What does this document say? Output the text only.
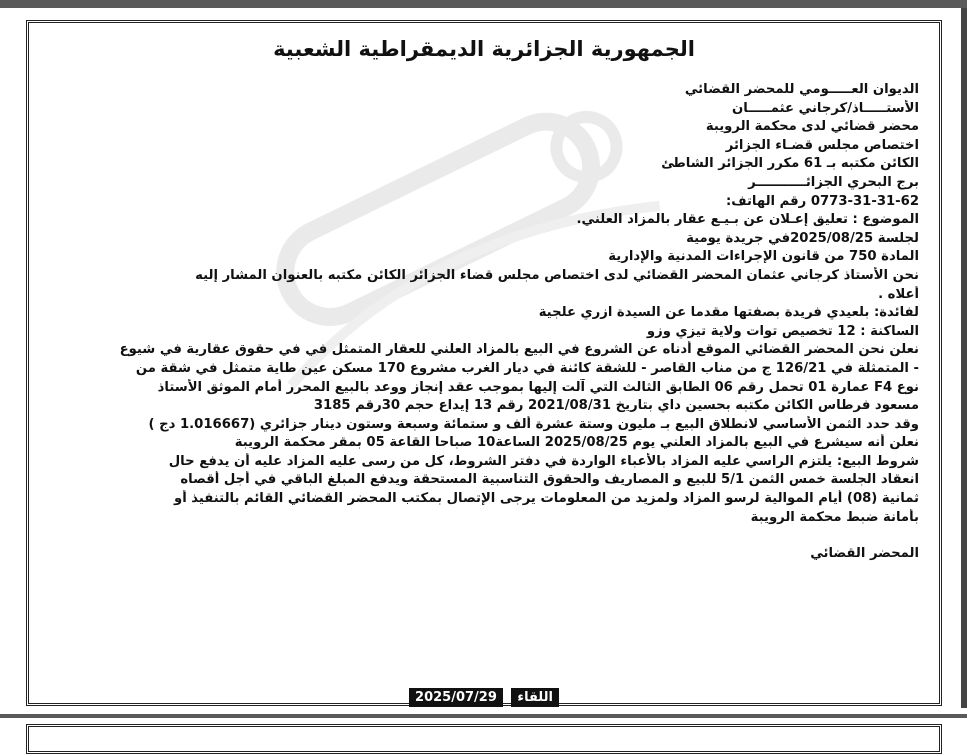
الجمهورية الجزائرية الديمقراطية الشعبية
الديوان العـــــومي للمحضر القضائي
الأستـــــاذ/كرجاني عثمـــــان
محضر قضائي لدى محكمة الرويبة
اختصاص مجلس قضـاء الجزائر
الكائن مكتبه بـ 61 مكرر الجزائر الشاطئ
برج البحري الجزائـــــــــــر
0773-31-31-62 رقم الهاتف:
الموضوع : تعليق إعـلان عن بـيـع عقار بالمزاد العلني.
لجلسة 2025/08/25في جريدة يومية
المادة 750 من قانون الإجراءات المدنية والإدارية
نحن الأستاذ كرجاني عثمان المحضر القضائي لدى اختصاص مجلس قضاء الجزائر الكائن مكتبه بالعنوان المشار إليه
أعلاه .
لفائدة: بلعيدي فريدة بصفتها مقدما عن السيدة ازري علجية
الساكنة : 12 تخصيص توات ولاية تيزي وزو
نعلن نحن المحضر القضائي الموقع أدناه عن الشروع في البيع بالمزاد العلني للعقار المتمثل في في حقوق عقارية في شيوع
- المتمثلة في 126/21 ج من مناب القاصر - للشقة كائنة في ديار الغرب مشروع 170 مسكن عين طاية متمثل في شقة من
نوع F4 عمارة 01 تحمل رقم 06 الطابق الثالث التي آلت إليها بموجب عقد إنجاز ووعد بالبيع المحرر أمام الموثق الأستاذ
مسعود فرطاس الكائن مكتبه بحسين داي بتاريخ 2021/08/31 رقم 13 إيداع حجم 30رقم 3185
وقد حدد الثمن الأساسي لانطلاق البيع بـ مليون وستة عشرة ألف و ستمائة وسبعة وستون دينار جزائري (1.016667 دج )
نعلن أنه سيشرع في البيع بالمزاد العلني يوم 2025/08/25 الساعة10 صباحا القاعة 05 بمقر محكمة الرويبة
شروط البيع: يلتزم الراسي عليه المزاد بالأعباء الواردة في دفتر الشروط، كل من رسى عليه المزاد عليه أن يدفع حال
انعقاد الجلسة خمس الثمن 5/1 للبيع و المصاريف والحقوق التناسبية المستحقة ويدفع المبلغ الباقي في أجل أقصاه
ثمانية (08) أيام الموالية لرسو المزاد ولمزيد من المعلومات يرجى الإتصال بمكتب المحضر القضائي القائم بالتنفيذ أو
بأمانة ضبط محكمة الرويبة
المحضر القضائي
2025/07/29 اللقاء
